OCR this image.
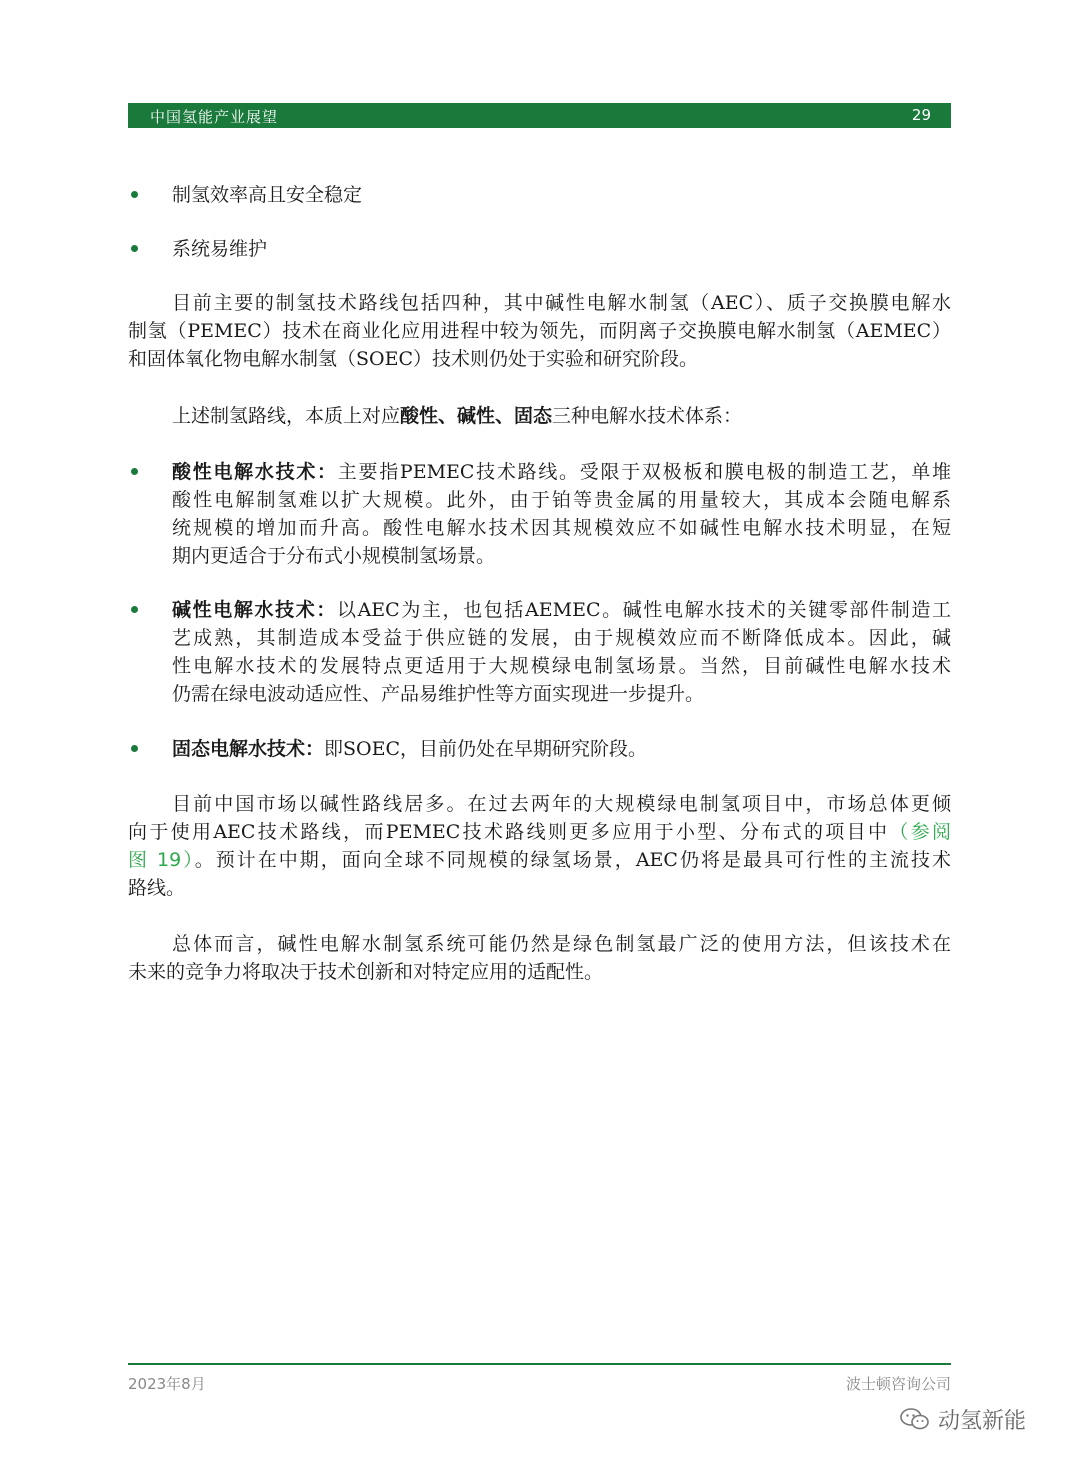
中国氢能产业展望	29
制氢效率高且安全稳定
系统易维护
目前主要的制氢技术路线包括四种，其中碱性电解水制氢（AEC）、质子交换膜电解水
制氢（PEMEC）技术在商业化应用进程中较为领先，而阴离子交换膜电解水制氢（AEMEC）
和固体氧化物电解水制氢（SOEC）技术则仍处于实验和研究阶段。
上述制氢路线，本质上对应酸性、碱性、固态三种电解水技术体系：
酸性电解水技术：主要指PEMEC技术路线。受限于双极板和膜电极的制造工艺，单堆
酸性电解制氢难以扩大规模。此外，由于铂等贵金属的用量较大，其成本会随电解系
统规模的增加而升高。酸性电解水技术因其规模效应不如碱性电解水技术明显，在短
期内更适合于分布式小规模制氢场景。
碱性电解水技术：以AEC为主，也包括AEMEC。碱性电解水技术的关键零部件制造工
艺成熟，其制造成本受益于供应链的发展，由于规模效应而不断降低成本。因此，碱
性电解水技术的发展特点更适用于大规模绿电制氢场景。当然，目前碱性电解水技术
仍需在绿电波动适应性、产品易维护性等方面实现进一步提升。
固态电解水技术：即SOEC，目前仍处在早期研究阶段。
目前中国市场以碱性路线居多。在过去两年的大规模绿电制氢项目中，市场总体更倾
向于使用AEC技术路线，而PEMEC技术路线则更多应用于小型、分布式的项目中（参阅
图 19）。预计在中期，面向全球不同规模的绿氢场景，AEC仍将是最具可行性的主流技术
路线。
总体而言，碱性电解水制氢系统可能仍然是绿色制氢最广泛的使用方法，但该技术在
未来的竞争力将取决于技术创新和对特定应用的适配性。
2023年8月	波士顿咨询公司
动氢新能
